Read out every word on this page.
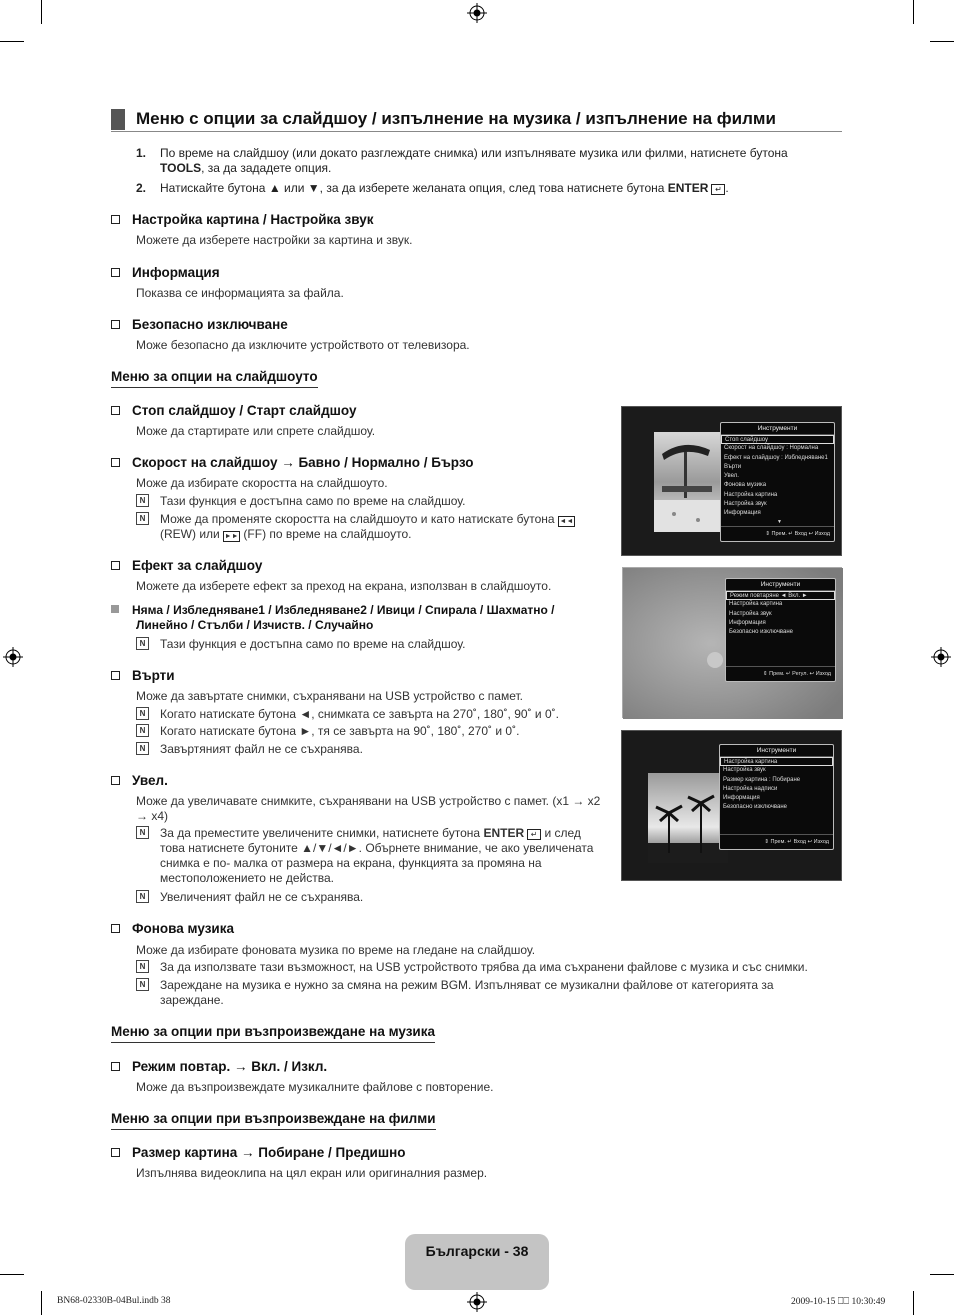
Меню с опции за слайдшоу / изпълнение на музика / изпълнение на филми
1. По време на слайдшоу (или докато разглеждате снимка) или изпълнявате музика или филми, натиснете бутона TOOLS, за да зададете опция.
2. Натискайте бутона ▲ или ▼, за да изберете желаната опция, след това натиснете бутона ENTER ↵ .
Настройка картина / Настройка звук
Можете да изберете настройки за картина и звук.
Информация
Показва се информацията за файла.
Безопасно изключване
Може безопасно да изключите устройството от телевизора.
Меню за опции на слайдшоуто
Стоп слайдшоу / Старт слайдшоу
Може да стартирате или спрете слайдшоу.
Скорост на слайдшоу → Бавно / Нормално / Бързо
Може да избирате скоростта на слайдшоуто.
N	Тази функция е достъпна само по време на слайдшоу.
N	Може да променяте скоростта на слайдшоуто и като натискате бутона ◄◄
(REW) или ►► (FF) по време на слайдшоуто.
Ефект за слайдшоу
Можете да изберете ефект за преход на екрана, използван в слайдшоуто.
Няма / Избледняване1 / Избледняване2 / Ивици / Спирала / Шахматно /
Линейно / Стълби / Изчиств. / Случайно
N	Тази функция е достъпна само по време на слайдшоу.
Върти
Може да завъртате снимки, съхранявани на USB устройство с памет.
N	Когато натискате бутона ◄, снимката се завърта на 270˚, 180˚, 90˚ и 0˚.
N	Когато натискате бутона ►, тя се завърта на 90˚, 180˚, 270˚ и 0˚.
N	Завъртяният файл не се съхранява.
Увел.
Може да увеличавате снимките, съхранявани на USB устройство с памет. (x1 → x2
→ x4)
N	За да преместите увеличените снимки, натиснете бутона ENTER ↵ и след
това натиснете бутоните ▲/▼/◄/►. Обърнете внимание, че ако увеличената
снимка е по- малка от размера на екрана, функцията за промяна на
местоположението не действа.
N	Увеличеният файл не се съхранява.
Фонова музика
Може да избирате фоновата музика по време на гледане на слайдшоу.
N	За да използвате тази възможност, на USB устройството трябва да има съхранени файлове с музика и със снимки.
N	Зареждане на музика е нужно за смяна на режим BGM. Изпълняват се музикални файлове от категорията за
зареждане.
Меню за опции при възпроизвеждане на музика
Режим повтар. → Вкл. / Изкл.
Може да възпроизвеждате музикалните файлове с повторение.
Меню за опции при възпроизвеждане на филми
Размер картина → Побиране / Предишно
Изпълнява видеоклипа на цял екран или оригиналния размер.
Инструменти
Стоп слайдшоу
Скорост на слайдшоу : Нормална
Ефект на слайдшоу : Избледняване1
Върти
Увел.
Фонова музика
Настройка картина
Настройка звук
Информация
▼
⇕ Прем. ↵ Вход ↩ Изход
Инструменти
Режим повтаряне ◄ Вкл. ►
Настройка картина
Настройка звук
Информация
Безопасно изключване
⇕ Прем. ↵ Регул. ↩ Изход
Инструменти
Настройка картина
Настройка звук
Размер картина : Побиране
Настройка надписи
Информация
Безопасно изключване
⇕ Прем. ↵ Вход ↩ Изход
Български - 38
BN68-02330B-04Bul.indb 38	2009-10-15 ⎕⎕ 10:30:49
